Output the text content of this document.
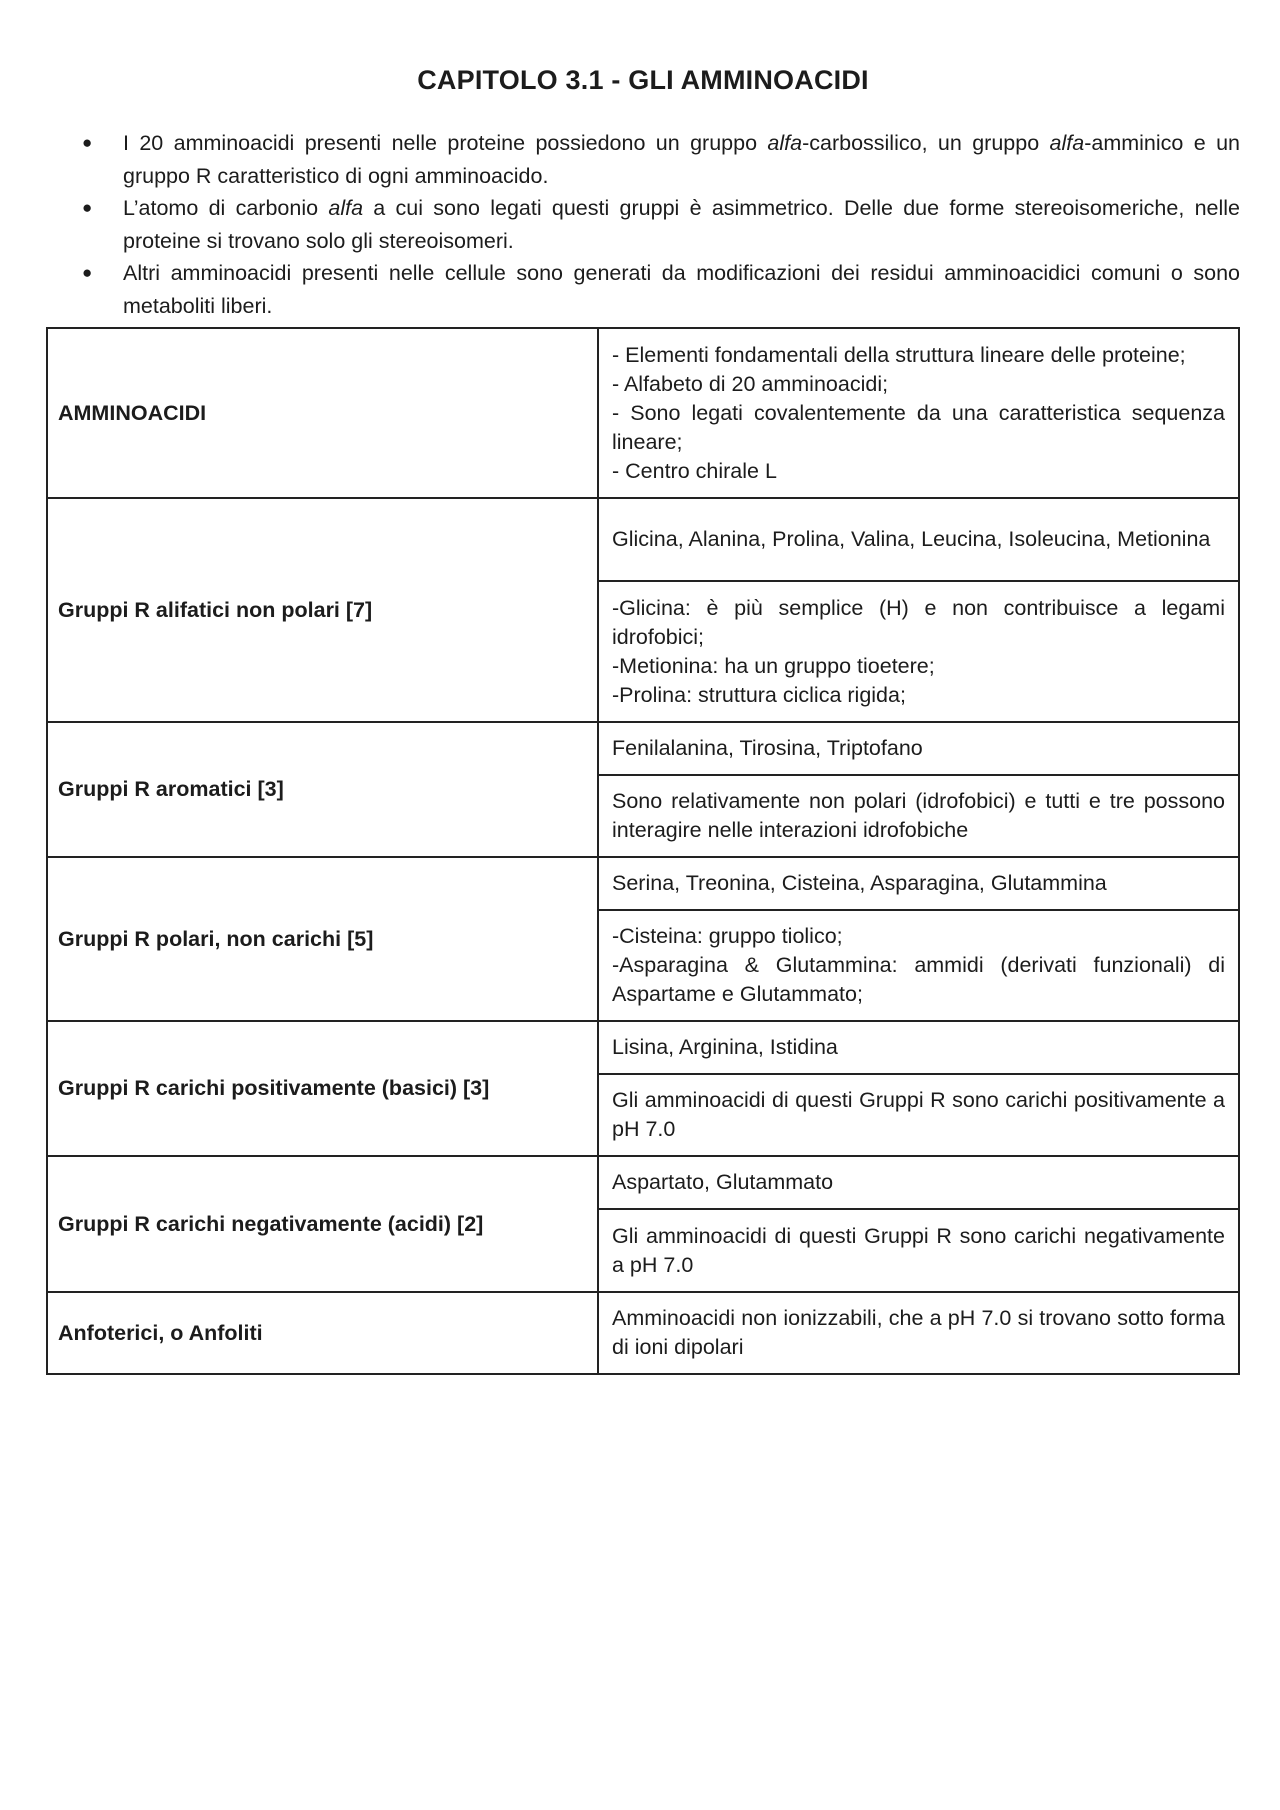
CAPITOLO 3.1 - GLI AMMINOACIDI
● I 20 amminoacidi presenti nelle proteine possiedono un gruppo alfa-carbossilico, un gruppo alfa-amminico e un gruppo R caratteristico di ogni amminoacido.
● L’atomo di carbonio alfa a cui sono legati questi gruppi è asimmetrico. Delle due forme stereoisomeriche, nelle proteine si trovano solo gli stereoisomeri.
● Altri amminoacidi presenti nelle cellule sono generati da modificazioni dei residui amminoacidici comuni o sono metaboliti liberi.
AMMINOACIDI	- Elementi fondamentali della struttura lineare delle proteine;
- Alfabeto di 20 amminoacidi;
- Sono legati covalentemente da una caratteristica sequenza lineare;
- Centro chirale L

Gruppi R alifatici non polari [7]	Glicina, Alanina, Prolina, Valina, Leucina, Isoleucina, Metionina

	-Glicina: è più semplice (H) e non contribuisce a legami idrofobici;
-Metionina: ha un gruppo tioetere;
-Prolina: struttura ciclica rigida;

Gruppi R aromatici [3]	Fenilalanina, Tirosina, Triptofano
	Sono relativamente non polari (idrofobici) e tutti e tre possono interagire nelle interazioni idrofobiche
Gruppi R polari, non carichi [5]	Serina, Treonina, Cisteina, Asparagina, Glutammina

	-Cisteina: gruppo tiolico;
-Asparagina & Glutammina: ammidi (derivati funzionali) di Aspartame e Glutammato;

Gruppi R carichi positivamente (basici) [3]	Lisina, Arginina, Istidina
	Gli amminoacidi di questi Gruppi R sono carichi positivamente a pH 7.0
Gruppi R carichi negativamente (acidi) [2]	Aspartato, Glutammato
	Gli amminoacidi di questi Gruppi R sono carichi negativamente a pH 7.0
Anfoterici, o Anfoliti	Amminoacidi non ionizzabili, che a pH 7.0 si trovano sotto forma di ioni dipolari
